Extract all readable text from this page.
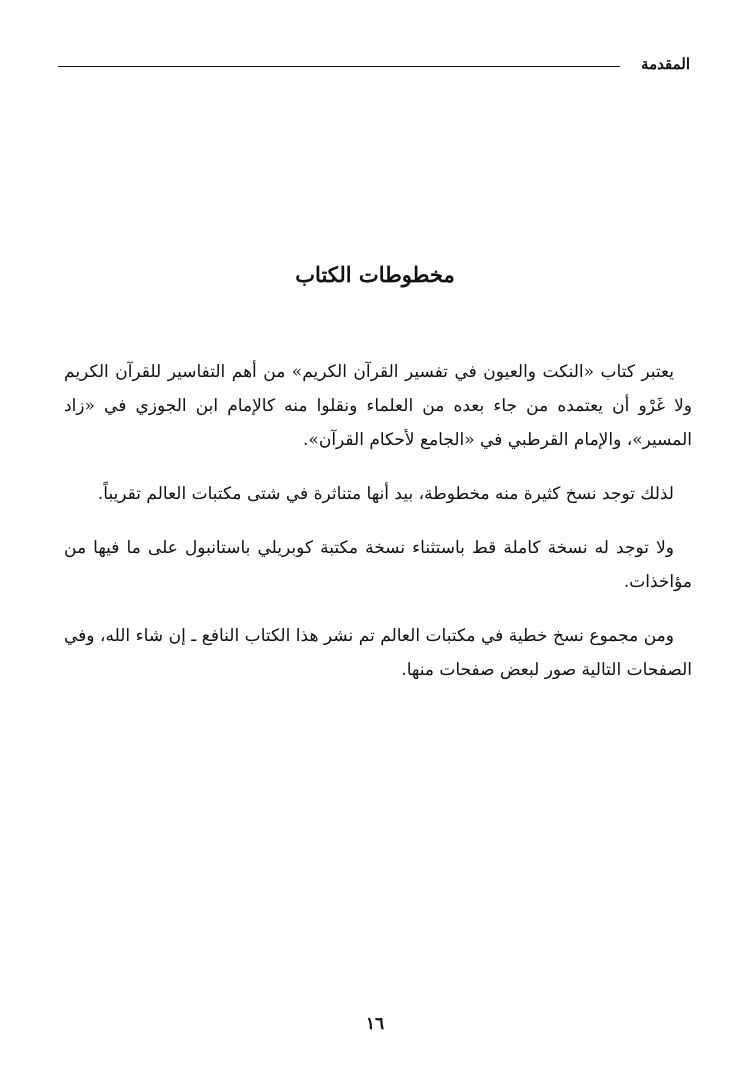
المقدمة
مخطوطات الكتاب

يعتبر كتاب «النكت والعيون في تفسير القرآن الكريم» من أهم التفاسير للقرآن الكريم ولا غَرْو أن يعتمده من جاء بعده من العلماء ونقلوا منه كالإمام ابن الجوزي في «زاد المسير»، والإمام القرطبي في «الجامع لأحكام القرآن».

لذلك توجد نسخ كثيرة منه مخطوطة، بيد أنها متناثرة في شتى مكتبات العالم تقريباً.

ولا توجد له نسخة كاملة قط باستثناء نسخة مكتبة كوبريلي باستانبول على ما فيها من مؤاخذات.

ومن مجموع نسخ خطية في مكتبات العالم تم نشر هذا الكتاب النافع ـ إن شاء الله، وفي الصفحات التالية صور لبعض صفحات منها.

١٦
